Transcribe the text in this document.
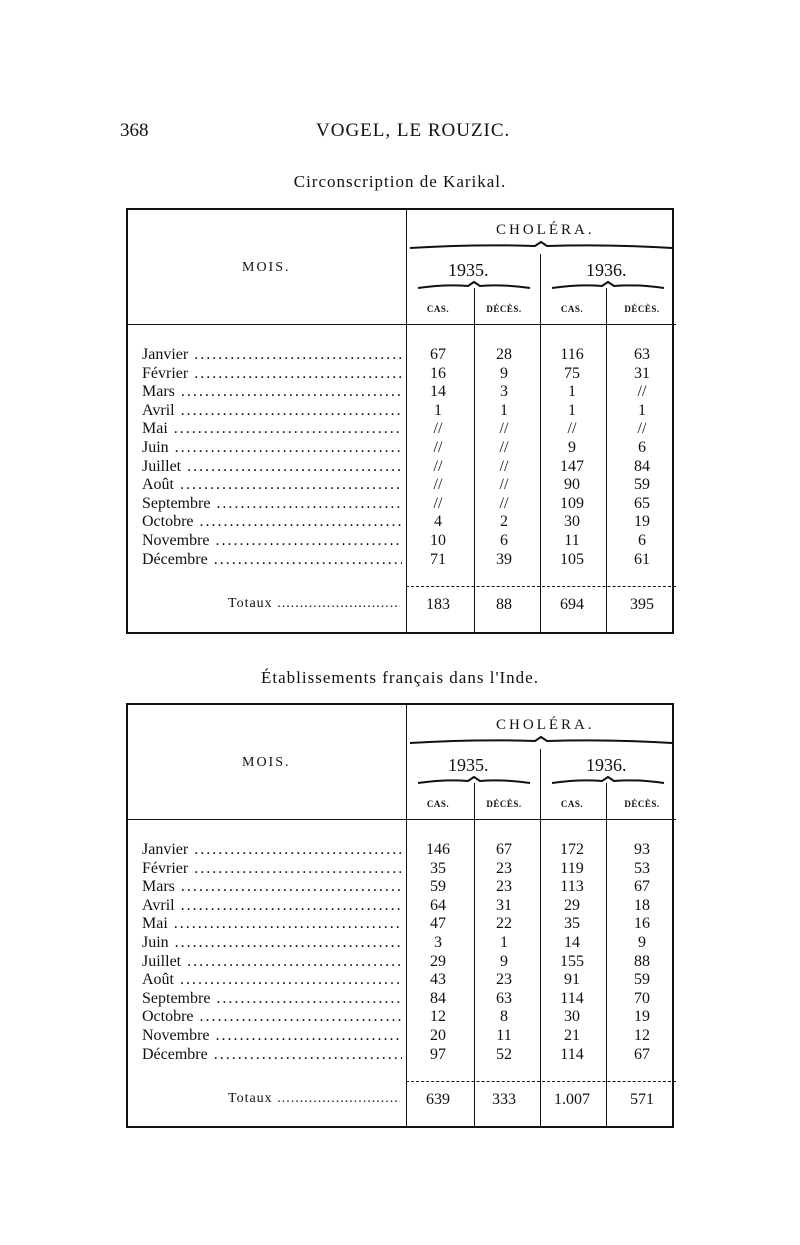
368	VOGEL, LE ROUZIC.
Circonscription de Karikal.
MOIS.
CHOLÉRA.
1935.	1936.
CAS.	DÉCÈS.	CAS.	DÉCÈS.
Janvier .....	67	28	116	63
Février .....	16	9	75	31
Mars .....	14	3	1	//
Avril .....	1	1	1	1
Mai .....	//	//	//	//
Juin .....	//	//	9	6
Juillet .....	//	//	147	84
Août .....	//	//	90	59
Septembre .....	//	//	109	65
Octobre .....	4	2	30	19
Novembre .....	10	6	11	6
Décembre .....	71	39	105	61
Totaux .....	183	88	694	395
Établissements français dans l'Inde.
MOIS.
CHOLÉRA.
1935.	1936.
CAS.	DÉCÈS.	CAS.	DÉCÈS.
Janvier .....	146	67	172	93
Février .....	35	23	119	53
Mars .....	59	23	113	67
Avril .....	64	31	29	18
Mai .....	47	22	35	16
Juin .....	3	1	14	9
Juillet .....	29	9	155	88
Août .....	43	23	91	59
Septembre .....	84	63	114	70
Octobre .....	12	8	30	19
Novembre .....	20	11	21	12
Décembre .....	97	52	114	67
Totaux .....	639	333	1.007	571
